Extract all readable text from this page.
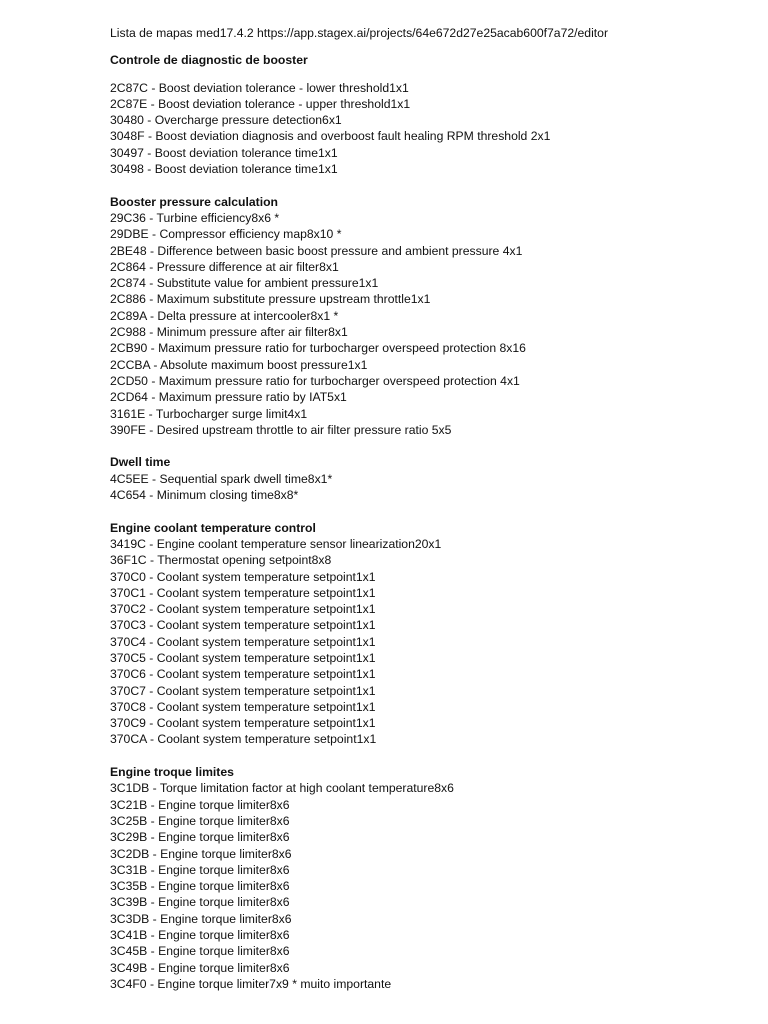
Lista de mapas med17.4.2 https://app.stagex.ai/projects/64e672d27e25acab600f7a72/editor
Controle de diagnostic de booster
2C87C - Boost deviation tolerance - lower threshold1x1
2C87E - Boost deviation tolerance - upper threshold1x1
30480 - Overcharge pressure detection6x1
3048F - Boost deviation diagnosis and overboost fault healing RPM threshold 2x1
30497 - Boost deviation tolerance time1x1
30498 - Boost deviation tolerance time1x1
Booster pressure calculation
29C36 - Turbine efficiency8x6 *
29DBE - Compressor efficiency map8x10 *
2BE48 - Difference between basic boost pressure and ambient pressure 4x1
2C864 - Pressure difference at air filter8x1
2C874 - Substitute value for ambient pressure1x1
2C886 - Maximum substitute pressure upstream throttle1x1
2C89A - Delta pressure at intercooler8x1 *
2C988 - Minimum pressure after air filter8x1
2CB90 - Maximum pressure ratio for turbocharger overspeed protection 8x16
2CCBA - Absolute maximum boost pressure1x1
2CD50 - Maximum pressure ratio for turbocharger overspeed protection 4x1
2CD64 - Maximum pressure ratio by IAT5x1
3161E - Turbocharger surge limit4x1
390FE - Desired upstream throttle to air filter pressure ratio 5x5
Dwell time
4C5EE - Sequential spark dwell time8x1*
4C654 - Minimum closing time8x8*
Engine coolant temperature control
3419C - Engine coolant temperature sensor linearization20x1
36F1C - Thermostat opening setpoint8x8
370C0 - Coolant system temperature setpoint1x1
370C1 - Coolant system temperature setpoint1x1
370C2 - Coolant system temperature setpoint1x1
370C3 - Coolant system temperature setpoint1x1
370C4 - Coolant system temperature setpoint1x1
370C5 - Coolant system temperature setpoint1x1
370C6 - Coolant system temperature setpoint1x1
370C7 - Coolant system temperature setpoint1x1
370C8 - Coolant system temperature setpoint1x1
370C9 - Coolant system temperature setpoint1x1
370CA - Coolant system temperature setpoint1x1
Engine troque limites
3C1DB - Torque limitation factor at high coolant temperature8x6
3C21B - Engine torque limiter8x6
3C25B - Engine torque limiter8x6
3C29B - Engine torque limiter8x6
3C2DB - Engine torque limiter8x6
3C31B - Engine torque limiter8x6
3C35B - Engine torque limiter8x6
3C39B - Engine torque limiter8x6
3C3DB - Engine torque limiter8x6
3C41B - Engine torque limiter8x6
3C45B - Engine torque limiter8x6
3C49B - Engine torque limiter8x6
3C4F0 - Engine torque limiter7x9 * muito importante
